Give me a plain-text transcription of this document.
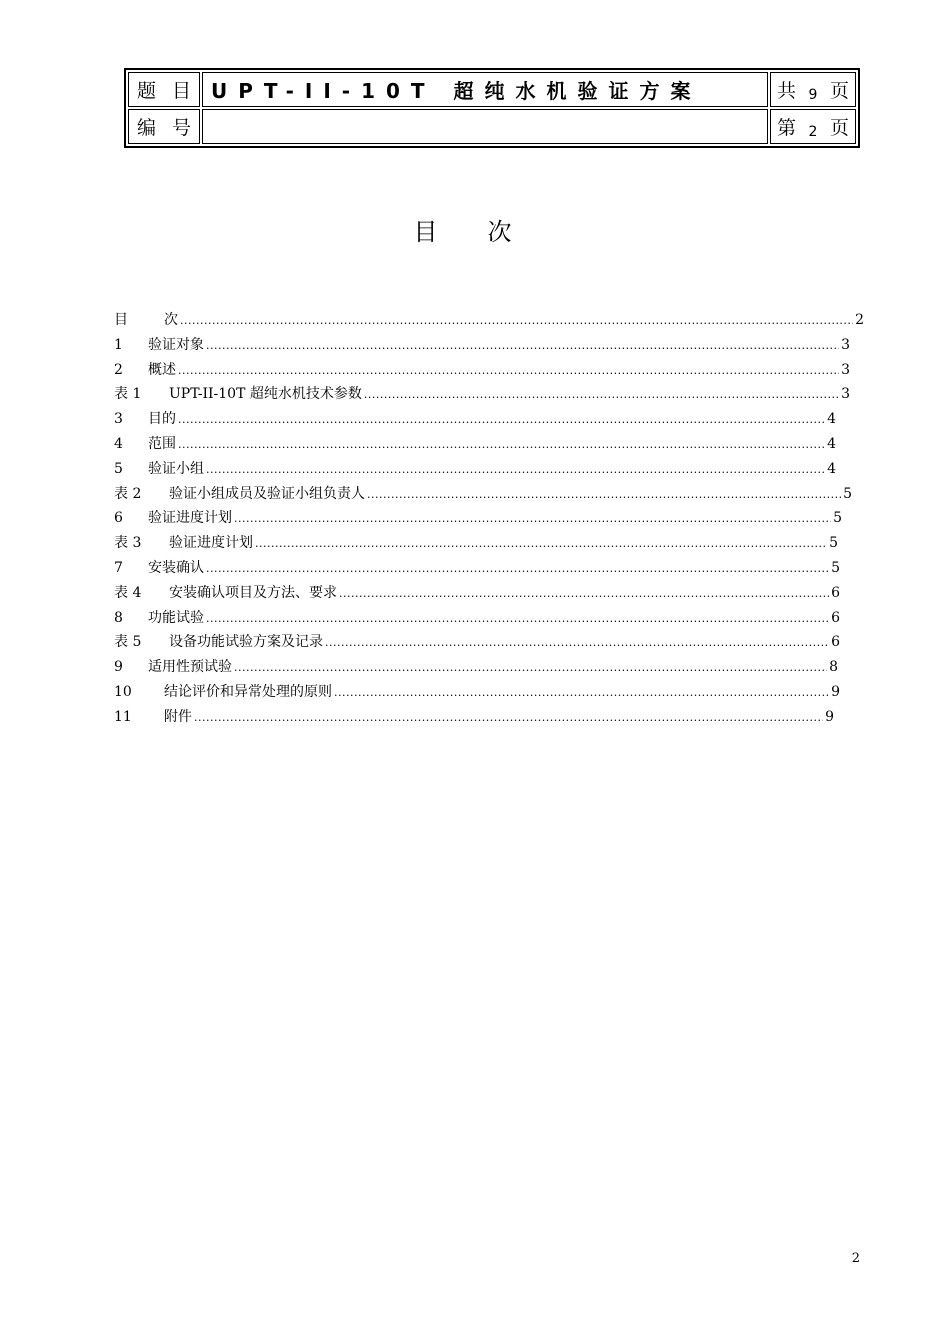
题 目	UPT-II-10T 超纯水机验证方案	共 9 页

编 号		第 2 页
目次
目	次 .....	2
1	验证对象 .....	3
2	概述 .....	3
表 1	UPT-II-10T 超纯水机技术参数 .....	3
3	目的 .....	4
4	范围 .....	4
5	验证小组 .....	4
表 2	验证小组成员及验证小组负责人 .....	5
6	验证进度计划 .....	5
表 3	验证进度计划 .....	5
7	安装确认 .....	5
表 4	安装确认项目及方法、要求 .....	6
8	功能试验 .....	6
表 5	设备功能试验方案及记录 .....	6
9	适用性预试验 .....	8
10	结论评价和异常处理的原则 .....	9
11	附件 .....	9
2
